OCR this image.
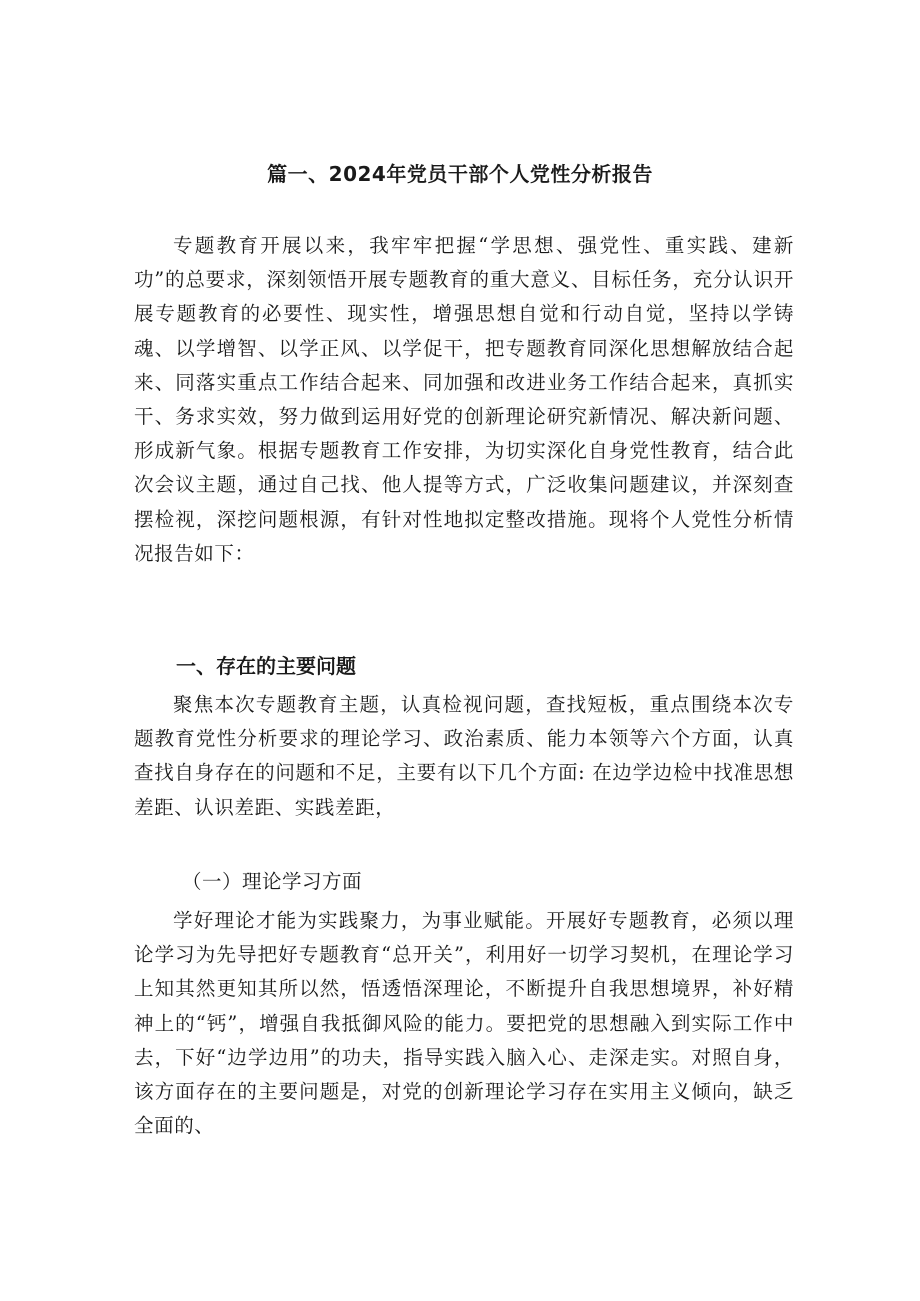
篇一、2024年党员干部个人党性分析报告

专题教育开展以来，我牢牢把握“学思想、强党性、重实践、建新功”的总要求，深刻领悟开展专题教育的重大意义、目标任务，充分认识开展专题教育的必要性、现实性，增强思想自觉和行动自觉，坚持以学铸魂、以学增智、以学正风、以学促干，把专题教育同深化思想解放结合起来、同落实重点工作结合起来、同加强和改进业务工作结合起来，真抓实干、务求实效，努力做到运用好党的创新理论研究新情况、解决新问题、形成新气象。根据专题教育工作安排，为切实深化自身党性教育，结合此次会议主题，通过自己找、他人提等方式，广泛收集问题建议，并深刻查摆检视，深挖问题根源，有针对性地拟定整改措施。现将个人党性分析情况报告如下：

一、存在的主要问题

聚焦本次专题教育主题，认真检视问题，查找短板，重点围绕本次专题教育党性分析要求的理论学习、政治素质、能力本领等六个方面，认真查找自身存在的问题和不足，主要有以下几个方面: 在边学边检中找准思想差距、认识差距、实践差距，

（一）理论学习方面

学好理论才能为实践聚力，为事业赋能。开展好专题教育，必须以理论学习为先导把好专题教育“总开关”，利用好一切学习契机，在理论学习上知其然更知其所以然，悟透悟深理论，不断提升自我思想境界，补好精神上的“钙”，增强自我抵御风险的能力。要把党的思想融入到实际工作中去，下好“边学边用”的功夫，指导实践入脑入心、走深走实。对照自身，该方面存在的主要问题是，对党的创新理论学习存在实用主义倾向，缺乏全面的、
